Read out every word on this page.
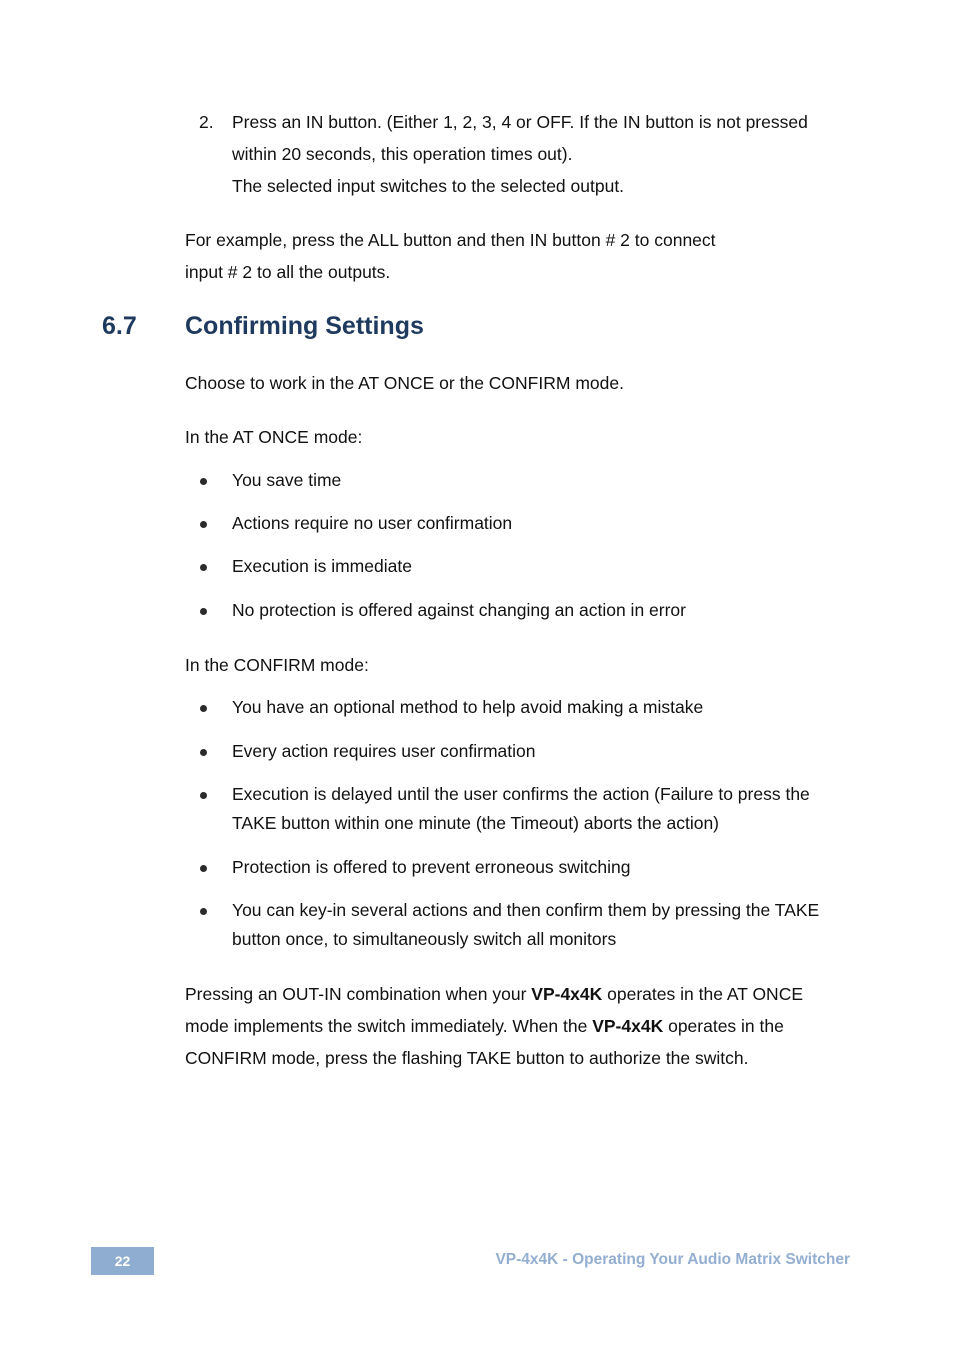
2. Press an IN button. (Either 1, 2, 3, 4 or OFF. If the IN button is not pressed
within 20 seconds, this operation times out).
The selected input switches to the selected output.
For example, press the ALL button and then IN button # 2 to connect
input # 2 to all the outputs.
6.7 Confirming Settings
Choose to work in the AT ONCE or the CONFIRM mode.
In the AT ONCE mode:
You save time
Actions require no user confirmation
Execution is immediate
No protection is offered against changing an action in error
In the CONFIRM mode:
You have an optional method to help avoid making a mistake
Every action requires user confirmation
Execution is delayed until the user confirms the action (Failure to press the
TAKE button within one minute (the Timeout) aborts the action)
Protection is offered to prevent erroneous switching
You can key-in several actions and then confirm them by pressing the TAKE
button once, to simultaneously switch all monitors
Pressing an OUT-IN combination when your VP-4x4K operates in the AT ONCE
mode implements the switch immediately. When the VP-4x4K operates in the
CONFIRM mode, press the flashing TAKE button to authorize the switch.
22	VP-4x4K - Operating Your Audio Matrix Switcher
